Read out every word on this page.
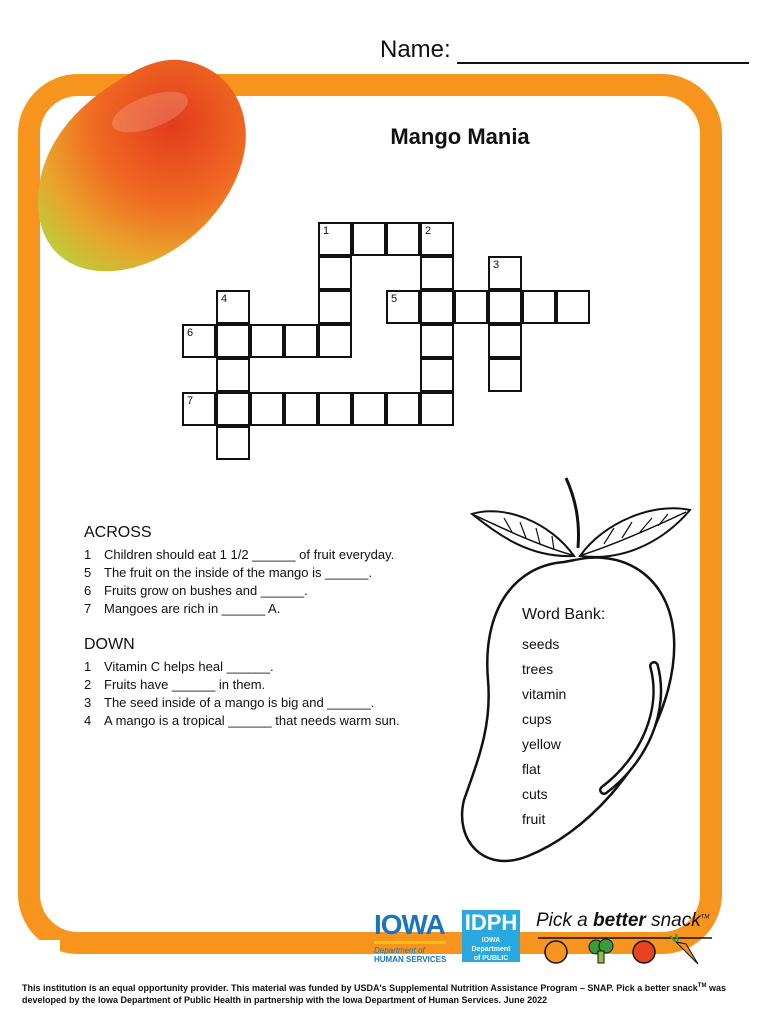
Name:
Mango Mania
1	2
3
5
4
6
7
ACROSS
1 Children should eat 1 1/2 ______ of fruit everyday.
5 The fruit on the inside of the mango is ______.
6 Fruits grow on bushes and ______.
7 Mangoes are rich in ______ A.
DOWN
1 Vitamin C helps heal ______.
2 Fruits have ______ in them.
3 The seed inside of a mango is big and ______.
4 A mango is a tropical ______ that needs warm sun.
Word Bank:
seeds
trees
vitamin
cups
yellow
flat
cuts
fruit
IOWA
Department of
HUMAN SERVICES
IDPH
IOWA Department
of PUBLIC HEALTH
Pick a better snack™
This institution is an equal opportunity provider. This material was funded by USDA's Supplemental Nutrition Assistance Program – SNAP. Pick a better snack™ was developed by the Iowa Department of Public Health in partnership with the Iowa Department of Human Services. June 2022
